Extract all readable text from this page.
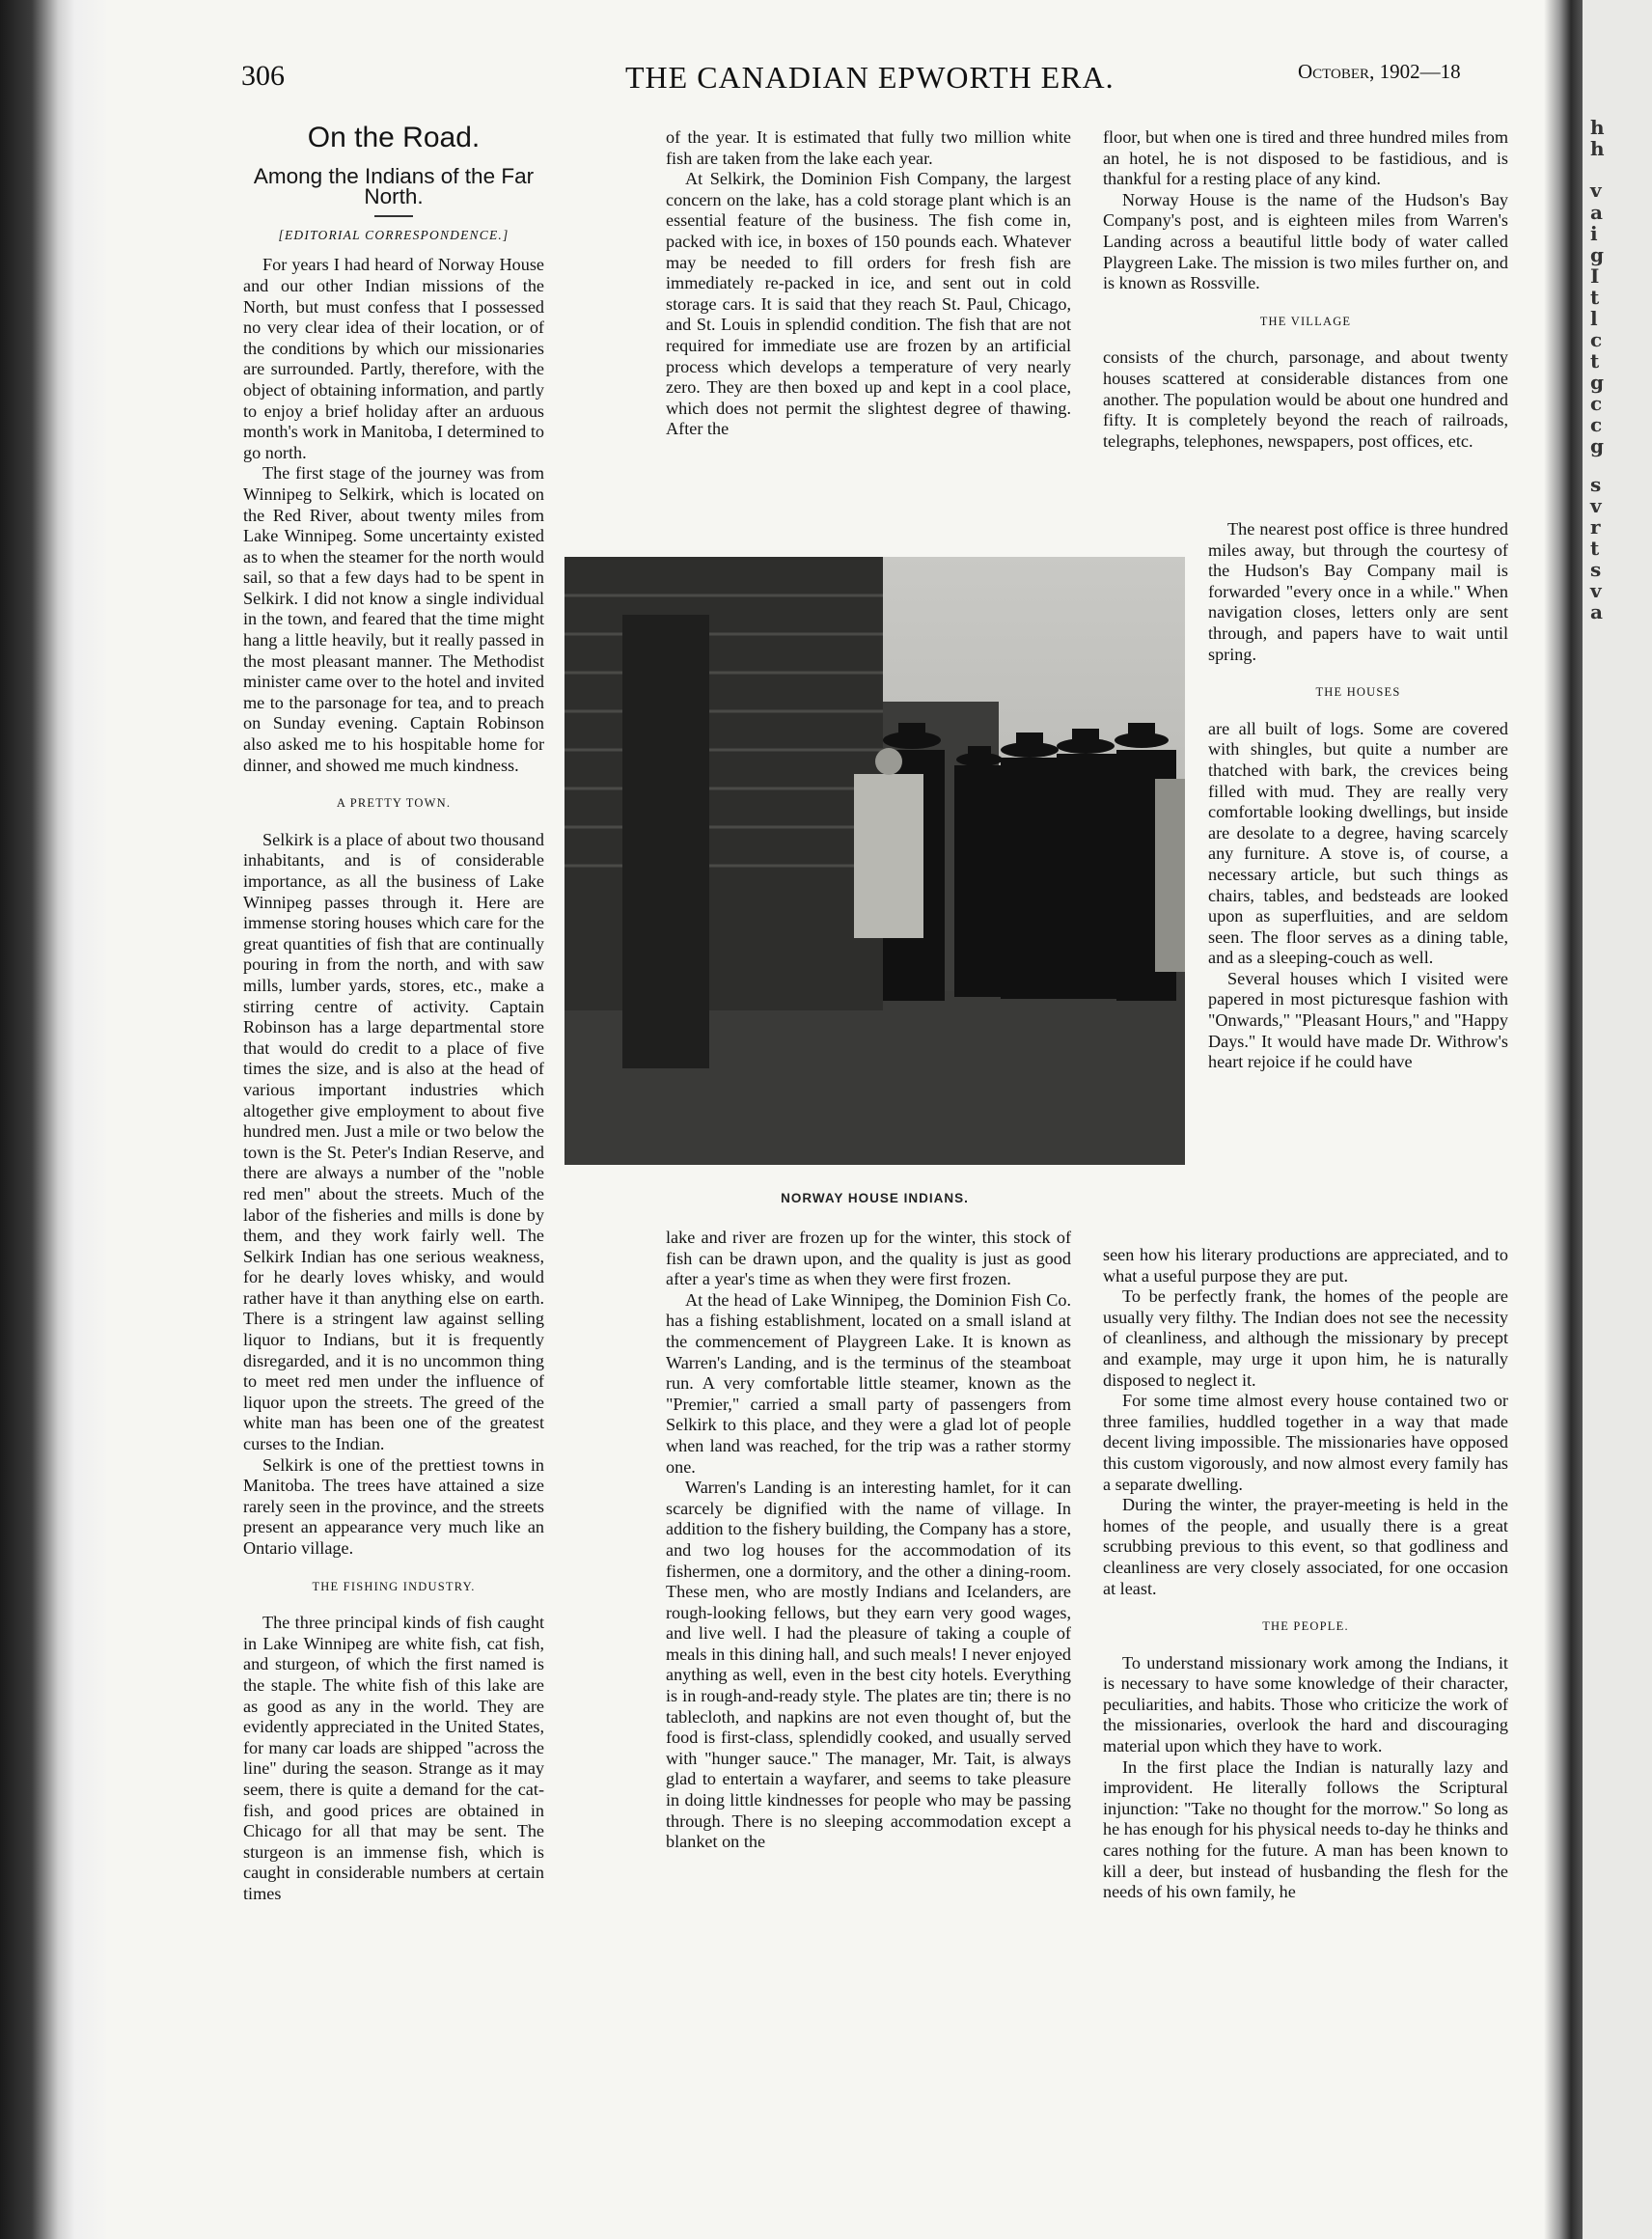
306	THE CANADIAN EPWORTH ERA.	October, 1902—18
On the Road.
Among the Indians of the Far North.
[EDITORIAL CORRESPONDENCE.]

For years I had heard of Norway House and our other Indian missions of the North, but must confess that I possessed no very clear idea of their location, or of the conditions by which our missionaries are surrounded. Partly, therefore, with the object of obtaining information, and partly to enjoy a brief holiday after an arduous month's work in Manitoba, I determined to go north.

The first stage of the journey was from Winnipeg to Selkirk, which is located on the Red River, about twenty miles from Lake Winnipeg. Some uncertainty existed as to when the steamer for the north would sail, so that a few days had to be spent in Selkirk. I did not know a single individual in the town, and feared that the time might hang a little heavily, but it really passed in the most pleasant manner. The Methodist minister came over to the hotel and invited me to the parsonage for tea, and to preach on Sunday evening. Captain Robinson also asked me to his hospitable home for dinner, and showed me much kindness.

A PRETTY TOWN.

Selkirk is a place of about two thousand inhabitants, and is of considerable importance, as all the business of Lake Winnipeg passes through it. Here are immense storing houses which care for the great quantities of fish that are continually pouring in from the north, and with saw mills, lumber yards, stores, etc., make a stirring centre of activity. Captain Robinson has a large departmental store that would do credit to a place of five times the size, and is also at the head of various important industries which altogether give employment to about five hundred men. Just a mile or two below the town is the St. Peter's Indian Reserve, and there are always a number of the "noble red men" about the streets. Much of the labor of the fisheries and mills is done by them, and they work fairly well. The Selkirk Indian has one serious weakness, for he dearly loves whisky, and would rather have it than anything else on earth. There is a stringent law against selling liquor to Indians, but it is frequently disregarded, and it is no uncommon thing to meet red men under the influence of liquor upon the streets. The greed of the white man has been one of the greatest curses to the Indian.

Selkirk is one of the prettiest towns in Manitoba. The trees have attained a size rarely seen in the province, and the streets present an appearance very much like an Ontario village.

THE FISHING INDUSTRY.

The three principal kinds of fish caught in Lake Winnipeg are white fish, cat fish, and sturgeon, of which the first named is the staple. The white fish of this lake are as good as any in the world. They are evidently appreciated in the United States, for many car loads are shipped "across the line" during the season. Strange as it may seem, there is quite a demand for the cat-fish, and good prices are obtained in Chicago for all that may be sent. The sturgeon is an immense fish, which is caught in considerable numbers at certain times

of the year. It is estimated that fully two million white fish are taken from the lake each year.

At Selkirk, the Dominion Fish Company, the largest concern on the lake, has a cold storage plant which is an essential feature of the business. The fish come in, packed with ice, in boxes of 150 pounds each. Whatever may be needed to fill orders for fresh fish are immediately re-packed in ice, and sent out in cold storage cars. It is said that they reach St. Paul, Chicago, and St. Louis in splendid condition. The fish that are not required for immediate use are frozen by an artificial process which develops a temperature of very nearly zero. They are then boxed up and kept in a cool place, which does not permit the slightest degree of thawing. After the

NORWAY HOUSE INDIANS.

lake and river are frozen up for the winter, this stock of fish can be drawn upon, and the quality is just as good after a year's time as when they were first frozen.

At the head of Lake Winnipeg, the Dominion Fish Co. has a fishing establishment, located on a small island at the commencement of Playgreen Lake. It is known as Warren's Landing, and is the terminus of the steamboat run. A very comfortable little steamer, known as the "Premier," carried a small party of passengers from Selkirk to this place, and they were a glad lot of people when land was reached, for the trip was a rather stormy one.

Warren's Landing is an interesting hamlet, for it can scarcely be dignified with the name of village. In addition to the fishery building, the Company has a store, and two log houses for the accommodation of its fishermen, one a dormitory, and the other a dining-room. These men, who are mostly Indians and Icelanders, are rough-looking fellows, but they earn very good wages, and live well. I had the pleasure of taking a couple of meals in this dining hall, and such meals! I never enjoyed anything as well, even in the best city hotels. Everything is in rough-and-ready style. The plates are tin; there is no tablecloth, and napkins are not even thought of, but the food is first-class, splendidly cooked, and usually served with "hunger sauce." The manager, Mr. Tait, is always glad to entertain a wayfarer, and seems to take pleasure in doing little kindnesses for people who may be passing through. There is no sleeping accommodation except a blanket on the

floor, but when one is tired and three hundred miles from an hotel, he is not disposed to be fastidious, and is thankful for a resting place of any kind.

Norway House is the name of the Hudson's Bay Company's post, and is eighteen miles from Warren's Landing across a beautiful little body of water called Playgreen Lake. The mission is two miles further on, and is known as Rossville.

THE VILLAGE

consists of the church, parsonage, and about twenty houses scattered at considerable distances from one another. The population would be about one hundred and fifty. It is completely beyond the reach of railroads, telegraphs, telephones, newspapers, post offices, etc.

The nearest post office is three hundred miles away, but through the courtesy of the Hudson's Bay Company mail is forwarded "every once in a while." When navigation closes, letters only are sent through, and papers have to wait until spring.

THE HOUSES

are all built of logs. Some are covered with shingles, but quite a number are thatched with bark, the crevices being filled with mud. They are really very comfortable looking dwellings, but inside are desolate to a degree, having scarcely any furniture. A stove is, of course, a necessary article, but such things as chairs, tables, and bedsteads are looked upon as superfluities, and are seldom seen. The floor serves as a dining table, and as a sleeping-couch as well.

Several houses which I visited were papered in most picturesque fashion with "Onwards," "Pleasant Hours," and "Happy Days." It would have made Dr. Withrow's heart rejoice if he could have

seen how his literary productions are appreciated, and to what a useful purpose they are put.

To be perfectly frank, the homes of the people are usually very filthy. The Indian does not see the necessity of cleanliness, and although the missionary by precept and example, may urge it upon him, he is naturally disposed to neglect it.

For some time almost every house contained two or three families, huddled together in a way that made decent living impossible. The missionaries have opposed this custom vigorously, and now almost every family has a separate dwelling.

During the winter, the prayer-meeting is held in the homes of the people, and usually there is a great scrubbing previous to this event, so that godliness and cleanliness are very closely associated, for one occasion at least.

THE PEOPLE.

To understand missionary work among the Indians, it is necessary to have some knowledge of their character, peculiarities, and habits. Those who criticize the work of the missionaries, overlook the hard and discouraging material upon which they have to work.

In the first place the Indian is naturally lazy and improvident. He literally follows the Scriptural injunction: "Take no thought for the morrow." So long as he has enough for his physical needs to-day he thinks and cares nothing for the future. A man has been known to kill a deer, but instead of husbanding the flesh for the needs of his own family, he

h
h
v
a
i
g
I
t
l
c
t
g
c
c
g
s
v
r
t
s
v
a
